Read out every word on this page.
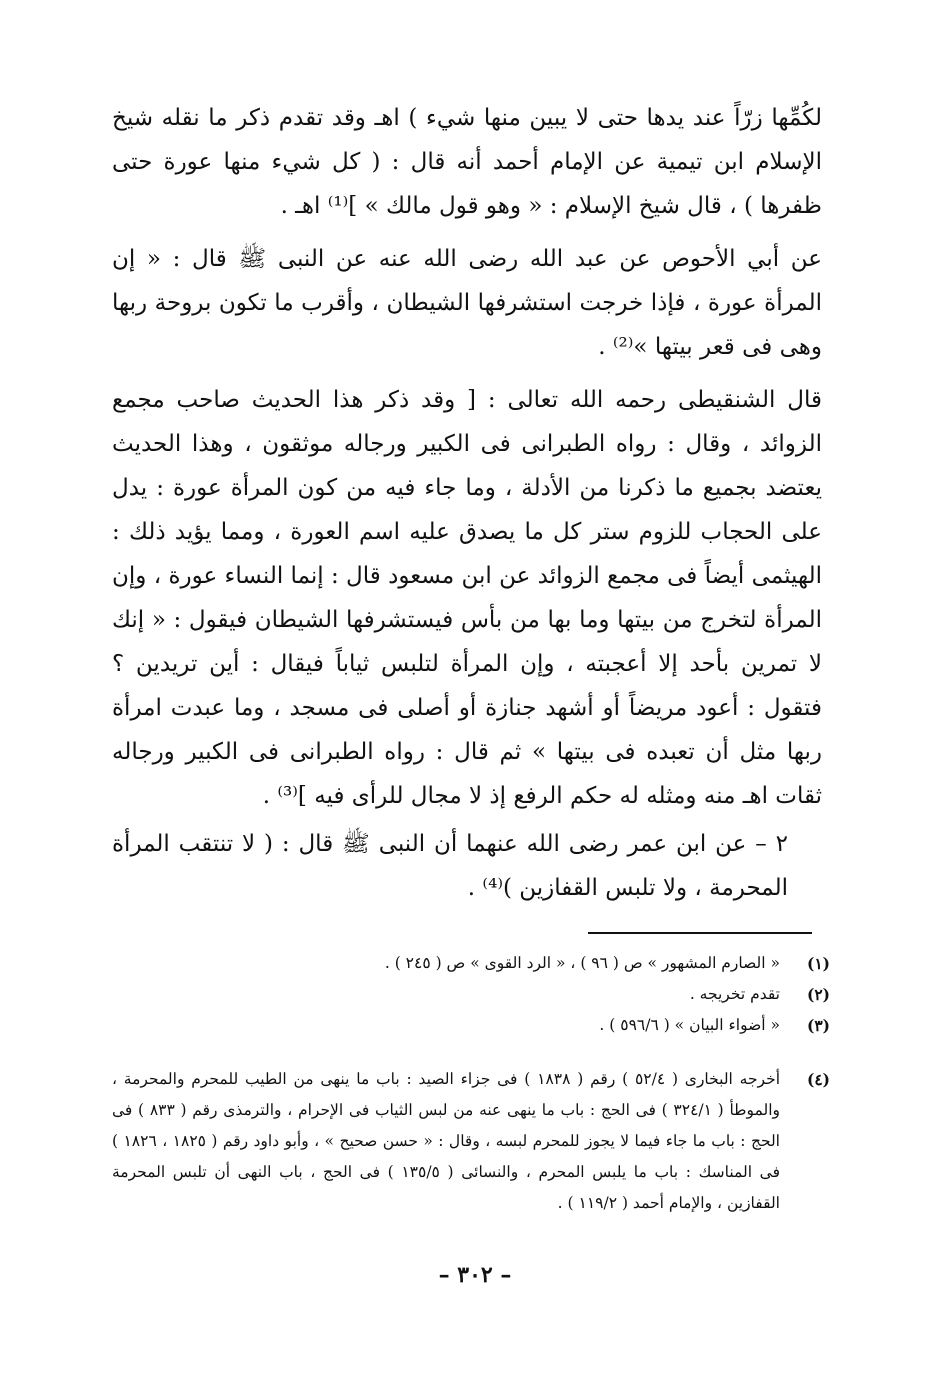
لكُمِّها زرّاً عند يدها حتى لا يبين منها شيء ) اهـ وقد تقدم ذكر ما نقله شيخ الإسلام ابن تيمية عن الإمام أحمد أنه قال : ( كل شيء منها عورة حتى ظفرها ) ، قال شيخ الإسلام : « وهو قول مالك » ]⁽¹⁾ اهـ .

عن أبي الأحوص عن عبد الله رضى الله عنه عن النبى ﷺ قال : « إن المرأة عورة ، فإذا خرجت استشرفها الشيطان ، وأقرب ما تكون بروحة ربها وهى فى قعر بيتها »⁽²⁾ .

قال الشنقيطى رحمه الله تعالى : [ وقد ذكر هذا الحديث صاحب مجمع الزوائد ، وقال : رواه الطبرانى فى الكبير ورجاله موثقون ، وهذا الحديث يعتضد بجميع ما ذكرنا من الأدلة ، وما جاء فيه من كون المرأة عورة : يدل على الحجاب للزوم ستر كل ما يصدق عليه اسم العورة ، ومما يؤيد ذلك : الهيثمى أيضاً فى مجمع الزوائد عن ابن مسعود قال : إنما النساء عورة ، وإن المرأة لتخرج من بيتها وما بها من بأس فيستشرفها الشيطان فيقول : « إنك لا تمرين بأحد إلا أعجبته ، وإن المرأة لتلبس ثياباً فيقال : أين تريدين ؟ فتقول : أعود مريضاً أو أشهد جنازة أو أصلى فى مسجد ، وما عبدت امرأة ربها مثل أن تعبده فى بيتها » ثم قال : رواه الطبرانى فى الكبير ورجاله ثقات اهـ منه ومثله له حكم الرفع إذ لا مجال للرأى فيه ]⁽³⁾ .

٢ – عن ابن عمر رضى الله عنهما أن النبى ﷺ قال : ( لا تنتقب المرأة المحرمة ، ولا تلبس القفازين )⁽⁴⁾ .

(١)
« الصارم المشهور » ص ( ٩٦ ) ، « الرد القوى » ص ( ٢٤٥ ) .
(٢)
تقدم تخريجه .
(٣)
« أضواء البيان » ( ٥٩٦/٦ ) .
(٤)
أخرجه البخارى ( ٥٢/٤ ) رقم ( ١٨٣٨ ) فى جزاء الصيد : باب ما ينهى من الطيب للمحرم والمحرمة ، والموطأ ( ٣٢٤/١ ) فى الحج : باب ما ينهى عنه من لبس الثياب فى الإحرام ، والترمذى رقم ( ٨٣٣ ) فى الحج : باب ما جاء فيما لا يجوز للمحرم لبسه ، وقال : « حسن صحيح » ، وأبو داود رقم ( ١٨٢٥ ، ١٨٢٦ ) فى المناسك : باب ما يلبس المحرم ، والنسائى ( ١٣٥/٥ ) فى الحج ، باب النهى أن تلبس المحرمة القفازين ، والإمام أحمد ( ١١٩/٢ ) .
– ٣٠٢ –
